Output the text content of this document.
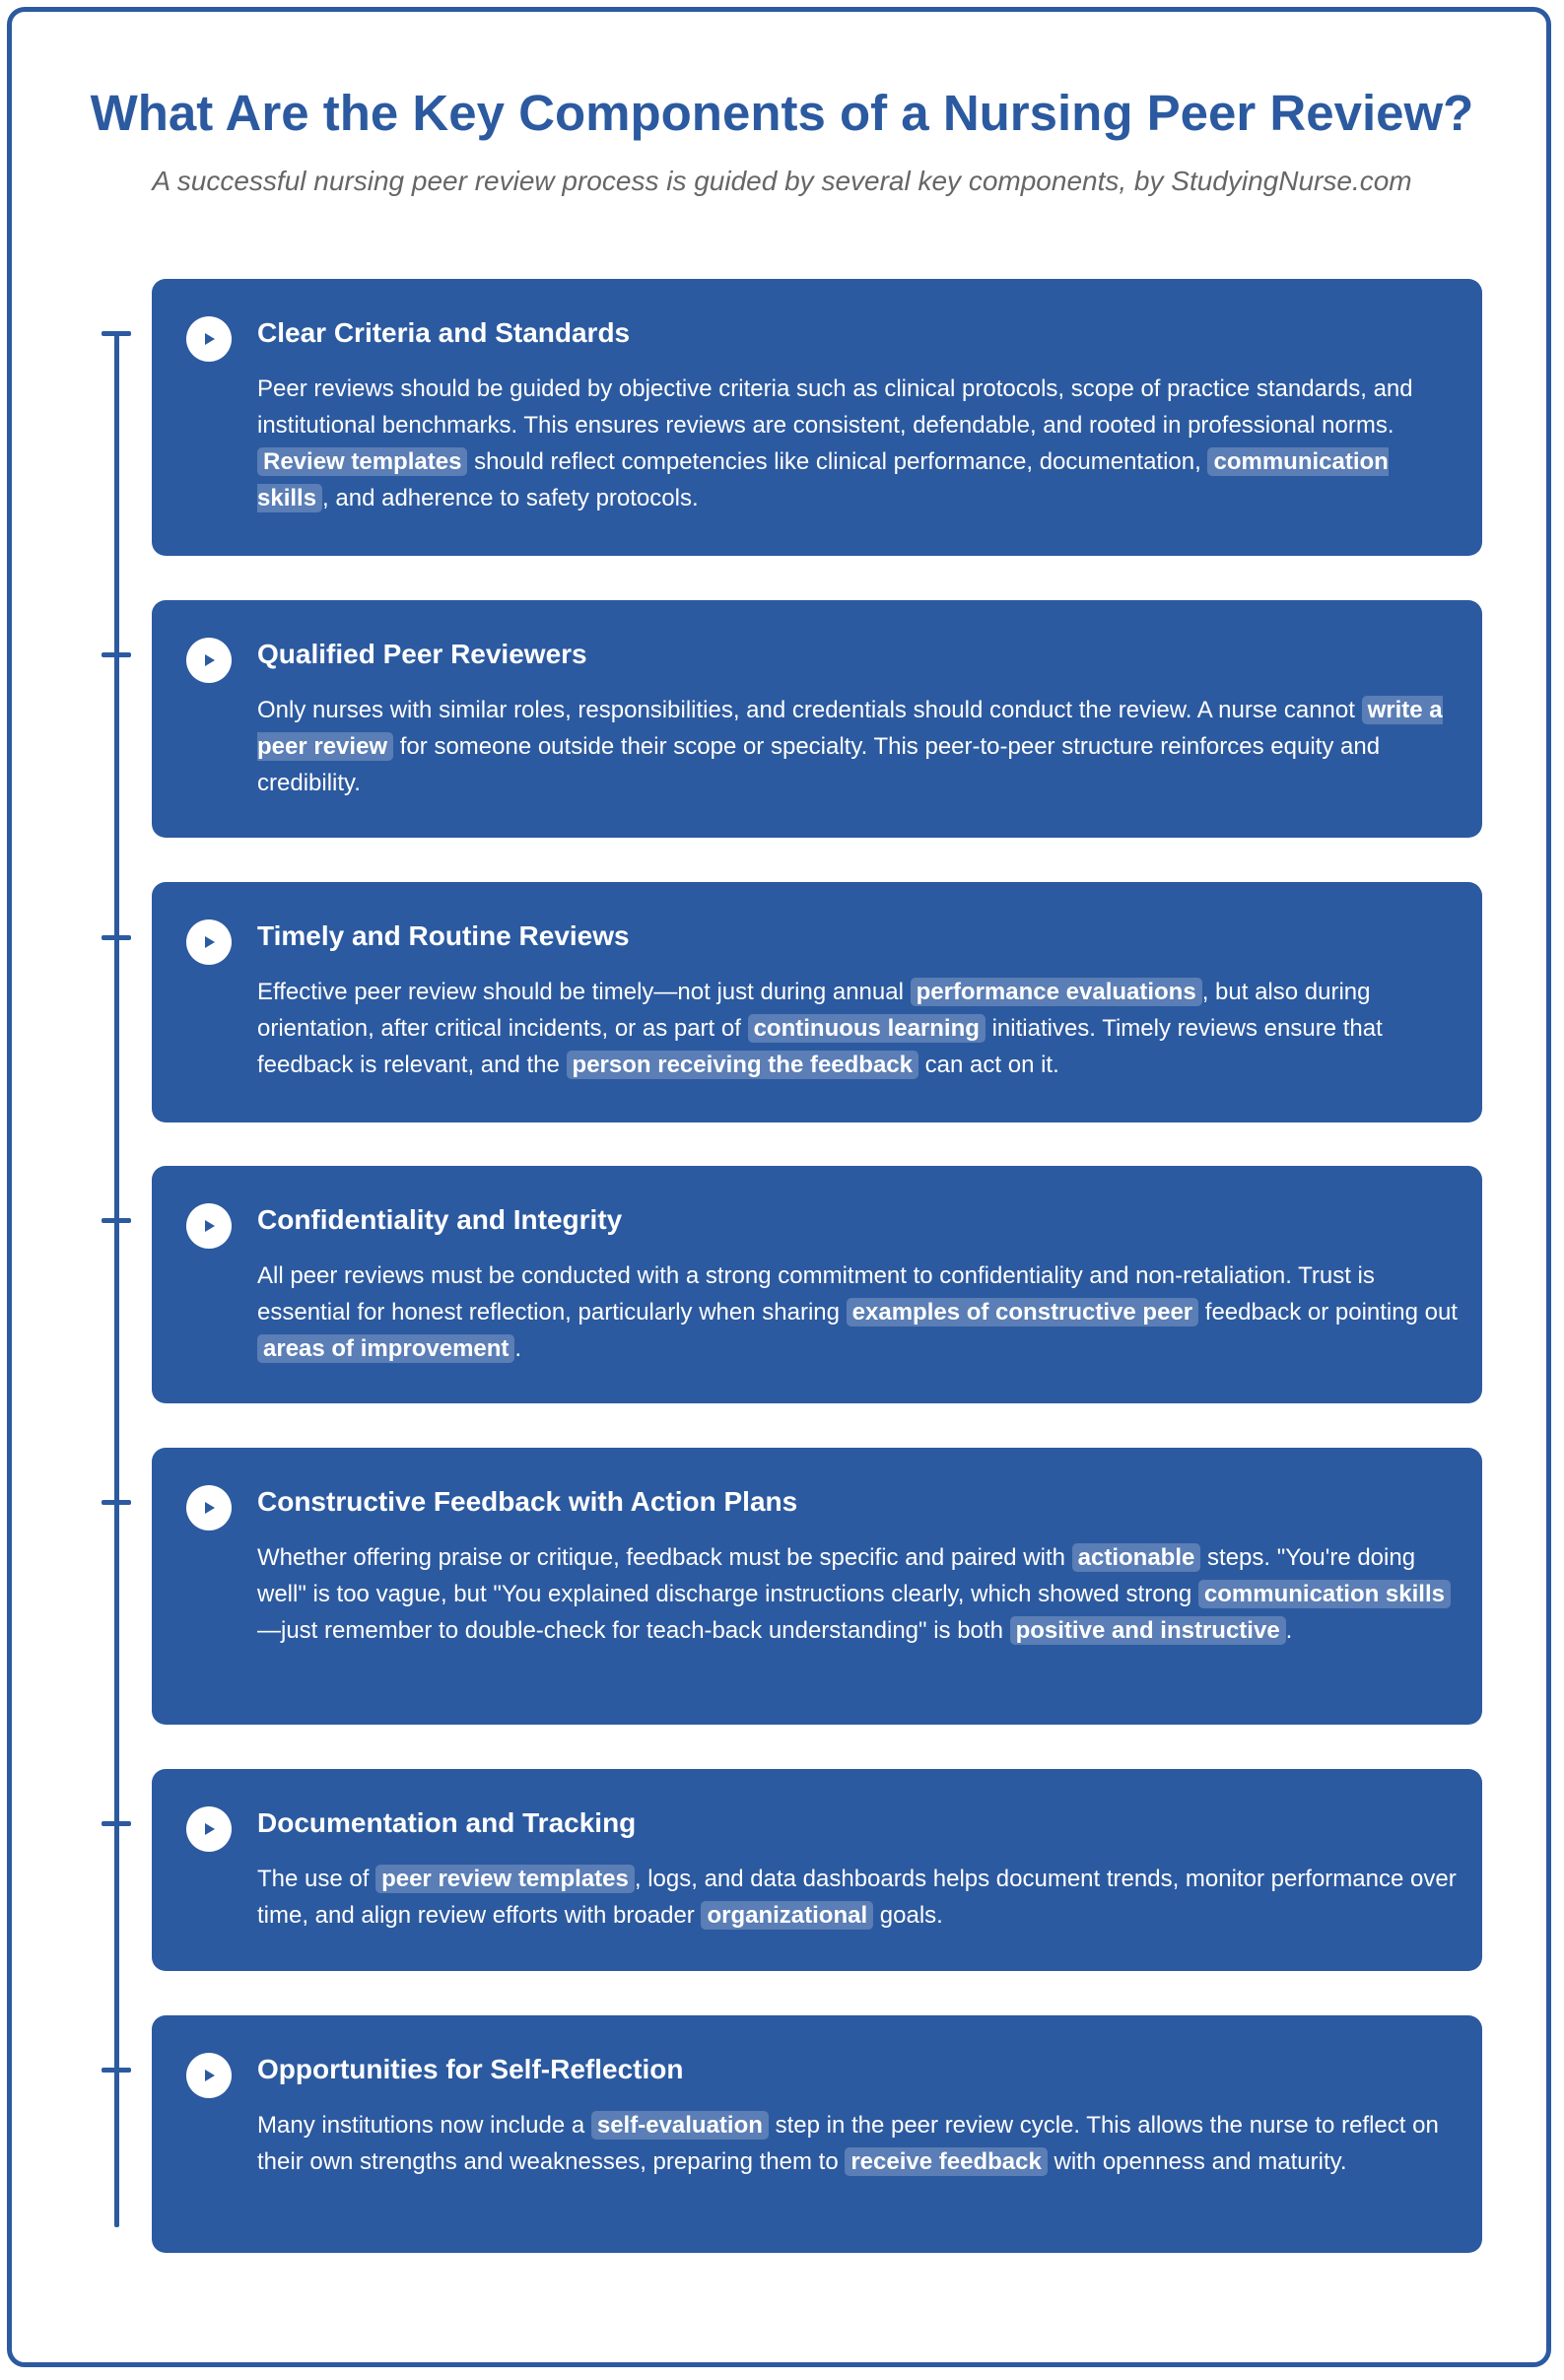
What Are the Key Components of a Nursing Peer Review?

A successful nursing peer review process is guided by several key components, by StudyingNurse.com

Clear Criteria and Standards

Peer reviews should be guided by objective criteria such as clinical protocols, scope of practice standards, and institutional benchmarks. This ensures reviews are consistent, defendable, and rooted in professional norms. Review templates should reflect competencies like clinical performance, documentation, communication skills , and adherence to safety protocols.

Qualified Peer Reviewers

Only nurses with similar roles, responsibilities, and credentials should conduct the review. A nurse cannot write a peer review for someone outside their scope or specialty. This peer-to-peer structure reinforces equity and credibility.

Timely and Routine Reviews

Effective peer review should be timely—not just during annual performance evaluations , but also during orientation, after critical incidents, or as part of continuous learning initiatives. Timely reviews ensure that feedback is relevant, and the person receiving the feedback can act on it.

Confidentiality and Integrity

All peer reviews must be conducted with a strong commitment to confidentiality and non-retaliation. Trust is essential for honest reflection, particularly when sharing examples of constructive peer feedback or pointing out areas of improvement .

Constructive Feedback with Action Plans

Whether offering praise or critique, feedback must be specific and paired with actionable steps. "You're doing well" is too vague, but "You explained discharge instructions clearly, which showed strong communication skills—just remember to double-check for teach-back understanding" is both positive and instructive .

Documentation and Tracking

The use of peer review templates , logs, and data dashboards helps document trends, monitor performance over time, and align review efforts with broader organizational goals.

Opportunities for Self-Reflection

Many institutions now include a self-evaluation step in the peer review cycle. This allows the nurse to reflect on their own strengths and weaknesses, preparing them to receive feedback with openness and maturity.
